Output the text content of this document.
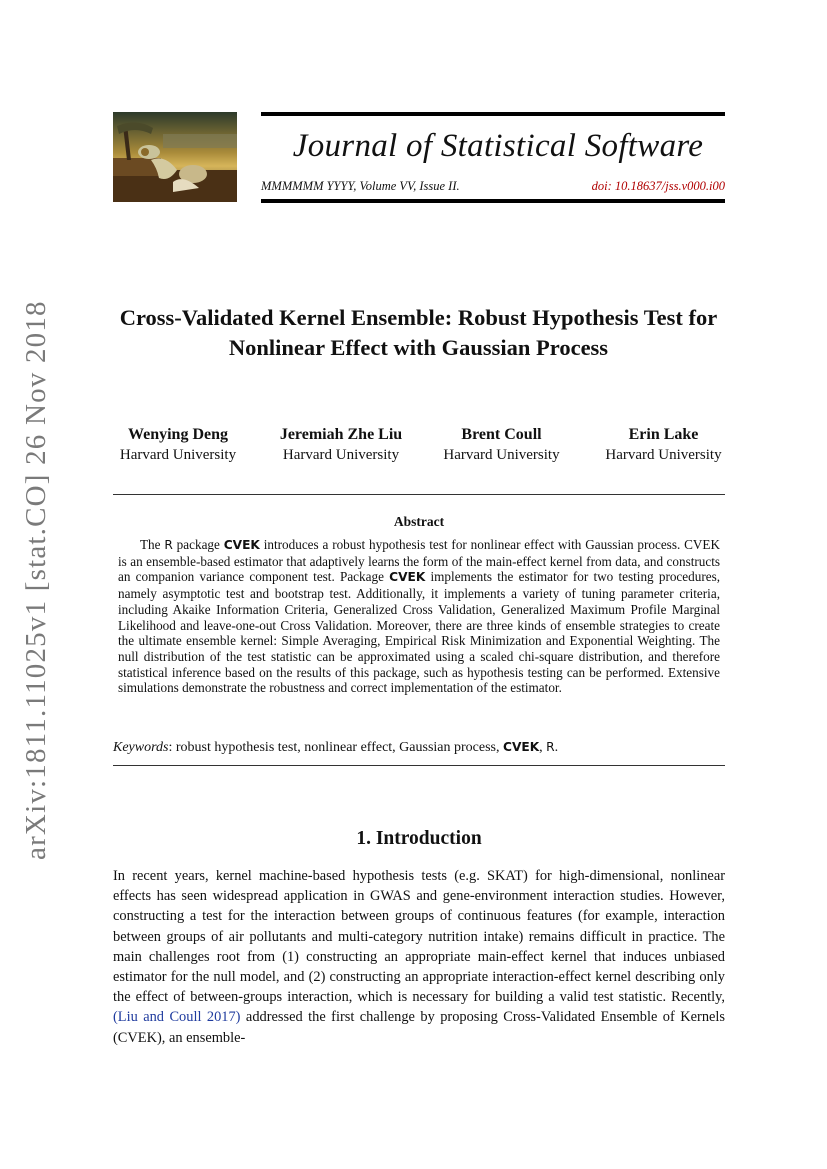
arXiv:1811.11025v1 [stat.CO] 26 Nov 2018
Journal of Statistical Software
MMMMMM YYYY, Volume VV, Issue II.	doi: 10.18637/jss.v000.i00
Cross-Validated Kernel Ensemble: Robust Hypothesis Test for Nonlinear Effect with Gaussian Process
Wenying Deng
Harvard University
Jeremiah Zhe Liu
Harvard University
Brent Coull
Harvard University
Erin Lake
Harvard University
Abstract
The R package CVEK introduces a robust hypothesis test for nonlinear effect with Gaussian process. CVEK is an ensemble-based estimator that adaptively learns the form of the main-effect kernel from data, and constructs an companion variance component test. Package CVEK implements the estimator for two testing procedures, namely asymptotic test and bootstrap test. Additionally, it implements a variety of tuning parameter criteria, including Akaike Information Criteria, Generalized Cross Validation, Generalized Maximum Profile Marginal Likelihood and leave-one-out Cross Validation. Moreover, there are three kinds of ensemble strategies to create the ultimate ensemble kernel: Simple Averaging, Empirical Risk Minimization and Exponential Weighting. The null distribution of the test statistic can be approximated using a scaled chi-square distribution, and therefore statistical inference based on the results of this package, such as hypothesis testing can be performed. Extensive simulations demonstrate the robustness and correct implementation of the estimator.
Keywords: robust hypothesis test, nonlinear effect, Gaussian process, CVEK, R.
1. Introduction
In recent years, kernel machine-based hypothesis tests (e.g. SKAT) for high-dimensional, nonlinear effects has seen widespread application in GWAS and gene-environment interaction studies. However, constructing a test for the interaction between groups of continuous features (for example, interaction between groups of air pollutants and multi-category nutrition intake) remains difficult in practice. The main challenges root from (1) constructing an appropriate main-effect kernel that induces unbiased estimator for the null model, and (2) constructing an appropriate interaction-effect kernel describing only the effect of between-groups interaction, which is necessary for building a valid test statistic. Recently, (Liu and Coull 2017) addressed the first challenge by proposing Cross-Validated Ensemble of Kernels (CVEK), an ensemble-
